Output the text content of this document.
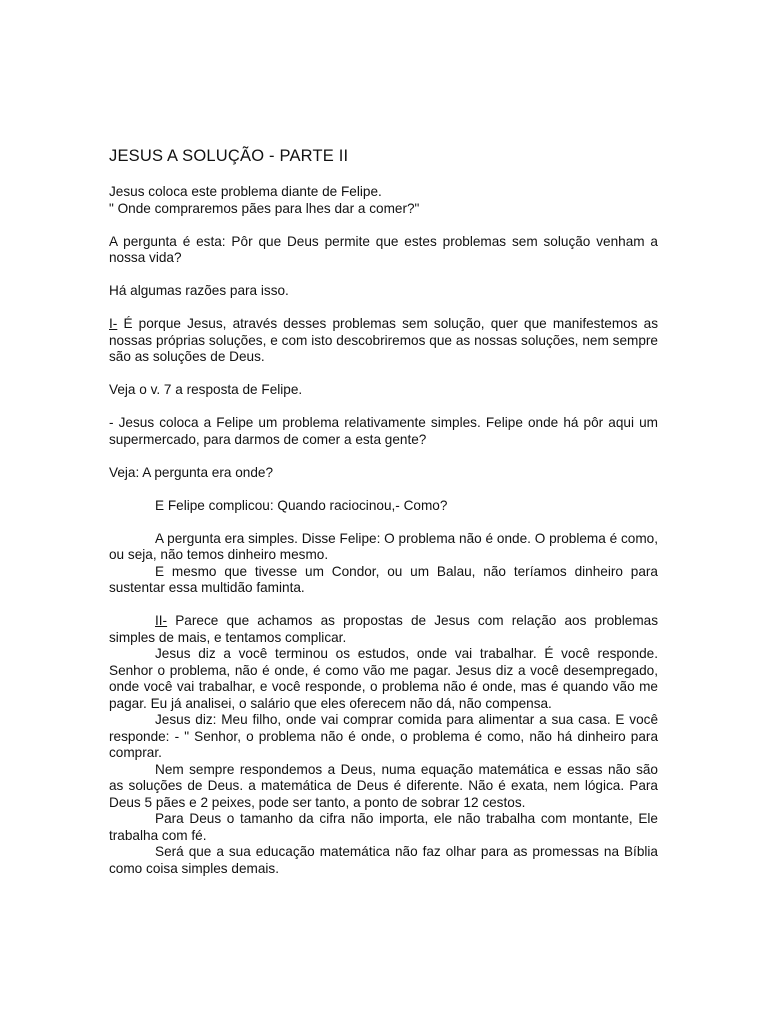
JESUS A SOLUÇÃO - PARTE II

Jesus coloca este problema diante de Felipe.

" Onde compraremos pães para lhes dar a comer?"

A pergunta é esta: Pôr que Deus permite que estes problemas sem solução venham a nossa vida?

Há algumas razões para isso.

I- É porque Jesus, através desses problemas sem solução, quer que manifestemos as nossas próprias soluções, e com isto descobriremos que as nossas soluções, nem sempre são as soluções de Deus.

Veja o v. 7 a resposta de Felipe.

- Jesus coloca a Felipe um problema relativamente simples. Felipe onde há pôr aqui um supermercado, para darmos de comer a esta gente?

Veja: A pergunta era onde?

E Felipe complicou: Quando raciocinou,- Como?

A pergunta era simples. Disse Felipe: O problema não é onde. O problema é como, ou seja, não temos dinheiro mesmo.

E mesmo que tivesse um Condor, ou um Balau, não teríamos dinheiro para sustentar essa multidão faminta.

II- Parece que achamos as propostas de Jesus com relação aos problemas simples de mais, e tentamos complicar.

Jesus diz a você terminou os estudos, onde vai trabalhar. É você responde. Senhor o problema, não é onde, é como vão me pagar. Jesus diz a você desempregado, onde você vai trabalhar, e você responde, o problema não é onde, mas é quando vão me pagar. Eu já analisei, o salário que eles oferecem não dá, não compensa.

Jesus diz: Meu filho, onde vai comprar comida para alimentar a sua casa. E você responde: - " Senhor, o problema não é onde, o problema é como, não há dinheiro para comprar.

Nem sempre respondemos a Deus, numa equação matemática e essas não são as soluções de Deus. a matemática de Deus é diferente. Não é exata, nem lógica. Para Deus 5 pães e 2 peixes, pode ser tanto, a ponto de sobrar 12 cestos.

Para Deus o tamanho da cifra não importa, ele não trabalha com montante, Ele trabalha com fé.

Será que a sua educação matemática não faz olhar para as promessas na Bíblia como coisa simples demais.
